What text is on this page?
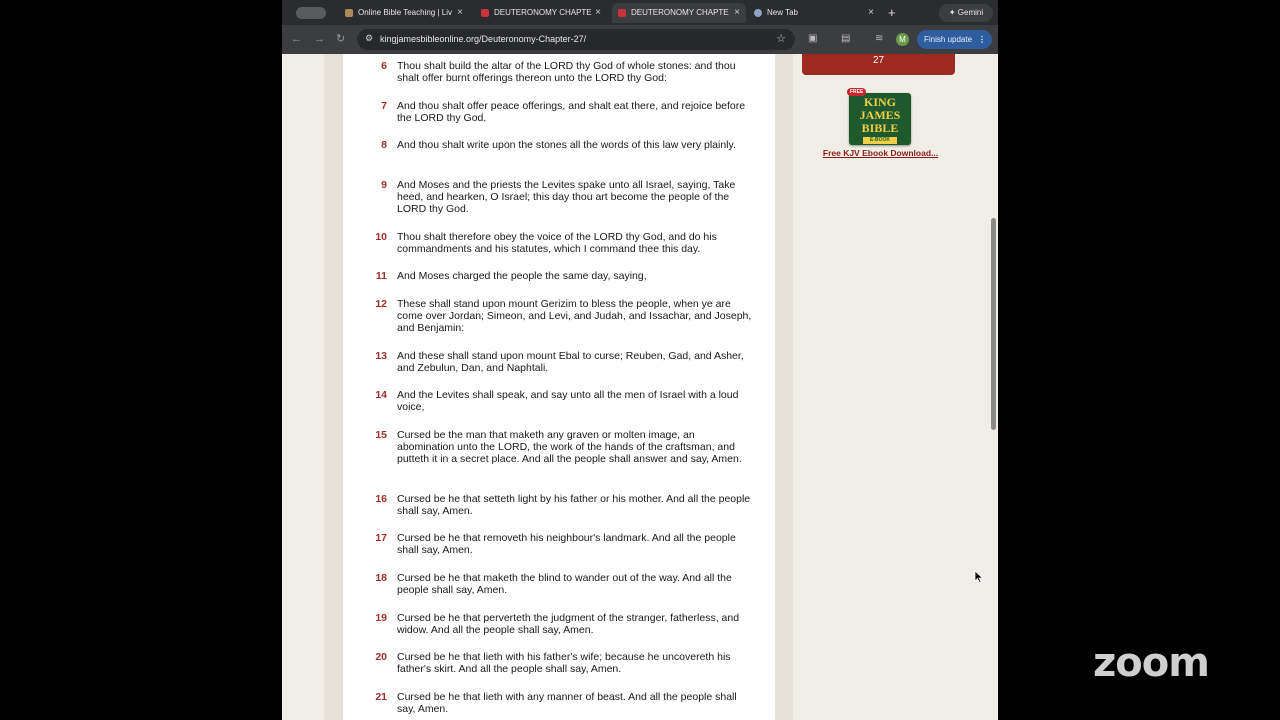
Online Bible Teaching | Liv ×	DEUTERONOMY CHAPTE ×	DEUTERONOMY CHAPTE ×	New Tab	× +	✦ Gemini
← → ↻ ⚙ kingjamesbibleonline.org/Deuteronomy-Chapter-27/	☆ ▣ ▤ ≋	M	Finish update ⋮
6 Thou shalt build the altar of the LORD thy God of whole stones: and thou shalt offer burnt offerings thereon unto the LORD thy God:
7 And thou shalt offer peace offerings, and shalt eat there, and rejoice before the LORD thy God.
8 And thou shalt write upon the stones all the words of this law very plainly.
9 And Moses and the priests the Levites spake unto all Israel, saying, Take heed, and hearken, O Israel; this day thou art become the people of the LORD thy God.
10 Thou shalt therefore obey the voice of the LORD thy God, and do his commandments and his statutes, which I command thee this day.
11 And Moses charged the people the same day, saying,
12 These shall stand upon mount Gerizim to bless the people, when ye are come over Jordan; Simeon, and Levi, and Judah, and Issachar, and Joseph, and Benjamin:
13 And these shall stand upon mount Ebal to curse; Reuben, Gad, and Asher, and Zebulun, Dan, and Naphtali.
14 And the Levites shall speak, and say unto all the men of Israel with a loud voice,
15 Cursed be the man that maketh any graven or molten image, an abomination unto the LORD, the work of the hands of the craftsman, and putteth it in a secret place. And all the people shall answer and say, Amen.
16 Cursed be he that setteth light by his father or his mother. And all the people shall say, Amen.
17 Cursed be he that removeth his neighbour's landmark. And all the people shall say, Amen.
18 Cursed be he that maketh the blind to wander out of the way. And all the people shall say, Amen.
19 Cursed be he that perverteth the judgment of the stranger, fatherless, and widow. And all the people shall say, Amen.
20 Cursed be he that lieth with his father's wife; because he uncovereth his father's skirt. And all the people shall say, Amen.
21 Cursed be he that lieth with any manner of beast. And all the people shall say, Amen.
27
FREE
KING
JAMES
BIBLE
E-BOOK
Free KJV Ebook Download...
zoom
